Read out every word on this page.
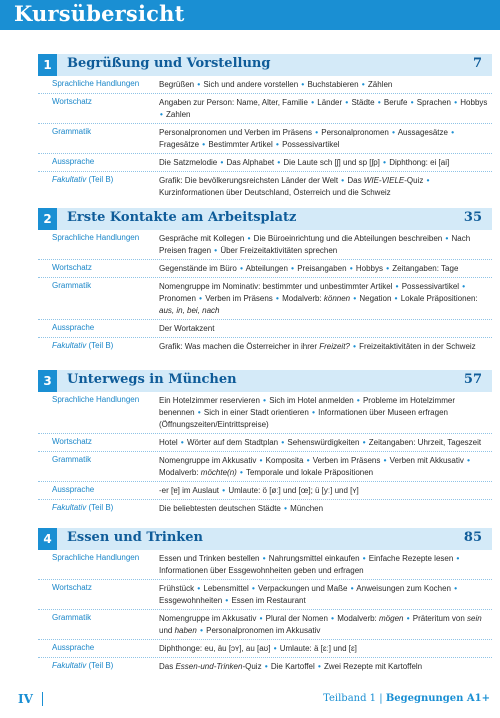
Kursübersicht
1	Begrüßung und Vorstellung	7
Sprachliche Handlungen	Begrüßen • Sich und andere vorstellen • Buchstabieren • Zählen
Wortschatz	Angaben zur Person: Name, Alter, Familie • Länder • Städte • Berufe • Sprachen • Hobbys • Zahlen
Grammatik	Personalpronomen und Verben im Präsens • Personalpronomen • Aussagesätze • Fragesätze • Bestimmter Artikel • Possessivartikel
Aussprache	Die Satzmelodie • Das Alphabet • Die Laute sch [ʃ] und sp [ʃp] • Diphthong: ei [ai]
Fakultativ (Teil B)	Grafik: Die bevölkerungsreichsten Länder der Welt • Das WIE-VIELE-Quiz • Kurzinformationen über Deutschland, Österreich und die Schweiz
2	Erste Kontakte am Arbeitsplatz	35
Sprachliche Handlungen	Gespräche mit Kollegen • Die Büroeinrichtung und die Abteilungen beschreiben • Nach Preisen fragen • Über Freizeitaktivitäten sprechen
Wortschatz	Gegenstände im Büro • Abteilungen • Preisangaben • Hobbys • Zeitangaben: Tage
Grammatik	Nomengruppe im Nominativ: bestimmter und unbestimmter Artikel • Possessivartikel • Pronomen • Verben im Präsens • Modalverb: können • Negation • Lokale Präpositionen: aus, in, bei, nach
Aussprache	Der Wortakzent
Fakultativ (Teil B)	Grafik: Was machen die Österreicher in ihrer Freizeit? • Freizeitaktivitäten in der Schweiz
3	Unterwegs in München	57
Sprachliche Handlungen	Ein Hotelzimmer reservieren • Sich im Hotel anmelden • Probleme im Hotelzimmer benennen • Sich in einer Stadt orientieren • Informationen über Museen erfragen (Öffnungszeiten/Eintrittspreise)
Wortschatz	Hotel • Wörter auf dem Stadtplan • Sehenswürdigkeiten • Zeitangaben: Uhrzeit, Tageszeit
Grammatik	Nomengruppe im Akkusativ • Komposita • Verben im Präsens • Verben mit Akkusativ • Modalverb: möchte(n) • Temporale und lokale Präpositionen
Aussprache	-er [ɐ] im Auslaut • Umlaute: ö [øː] und [œ]; ü [yː] und [ʏ]
Fakultativ (Teil B)	Die beliebtesten deutschen Städte • München
4	Essen und Trinken	85
Sprachliche Handlungen	Essen und Trinken bestellen • Nahrungsmittel einkaufen • Einfache Rezepte lesen • Informationen über Essgewohnheiten geben und erfragen
Wortschatz	Frühstück • Lebensmittel • Verpackungen und Maße • Anweisungen zum Kochen • Essgewohnheiten • Essen im Restaurant
Grammatik	Nomengruppe im Akkusativ • Plural der Nomen • Modalverb: mögen • Präteritum von sein und haben • Personalpronomen im Akkusativ
Aussprache	Diphthonge: eu, äu [ɔʏ], au [aʊ] • Umlaute: ä [ɛː] und [ɛ]
Fakultativ (Teil B)	Das Essen-und-Trinken-Quiz • Die Kartoffel • Zwei Rezepte mit Kartoffeln
IV	Teilband 1 | Begegnungen A1+
